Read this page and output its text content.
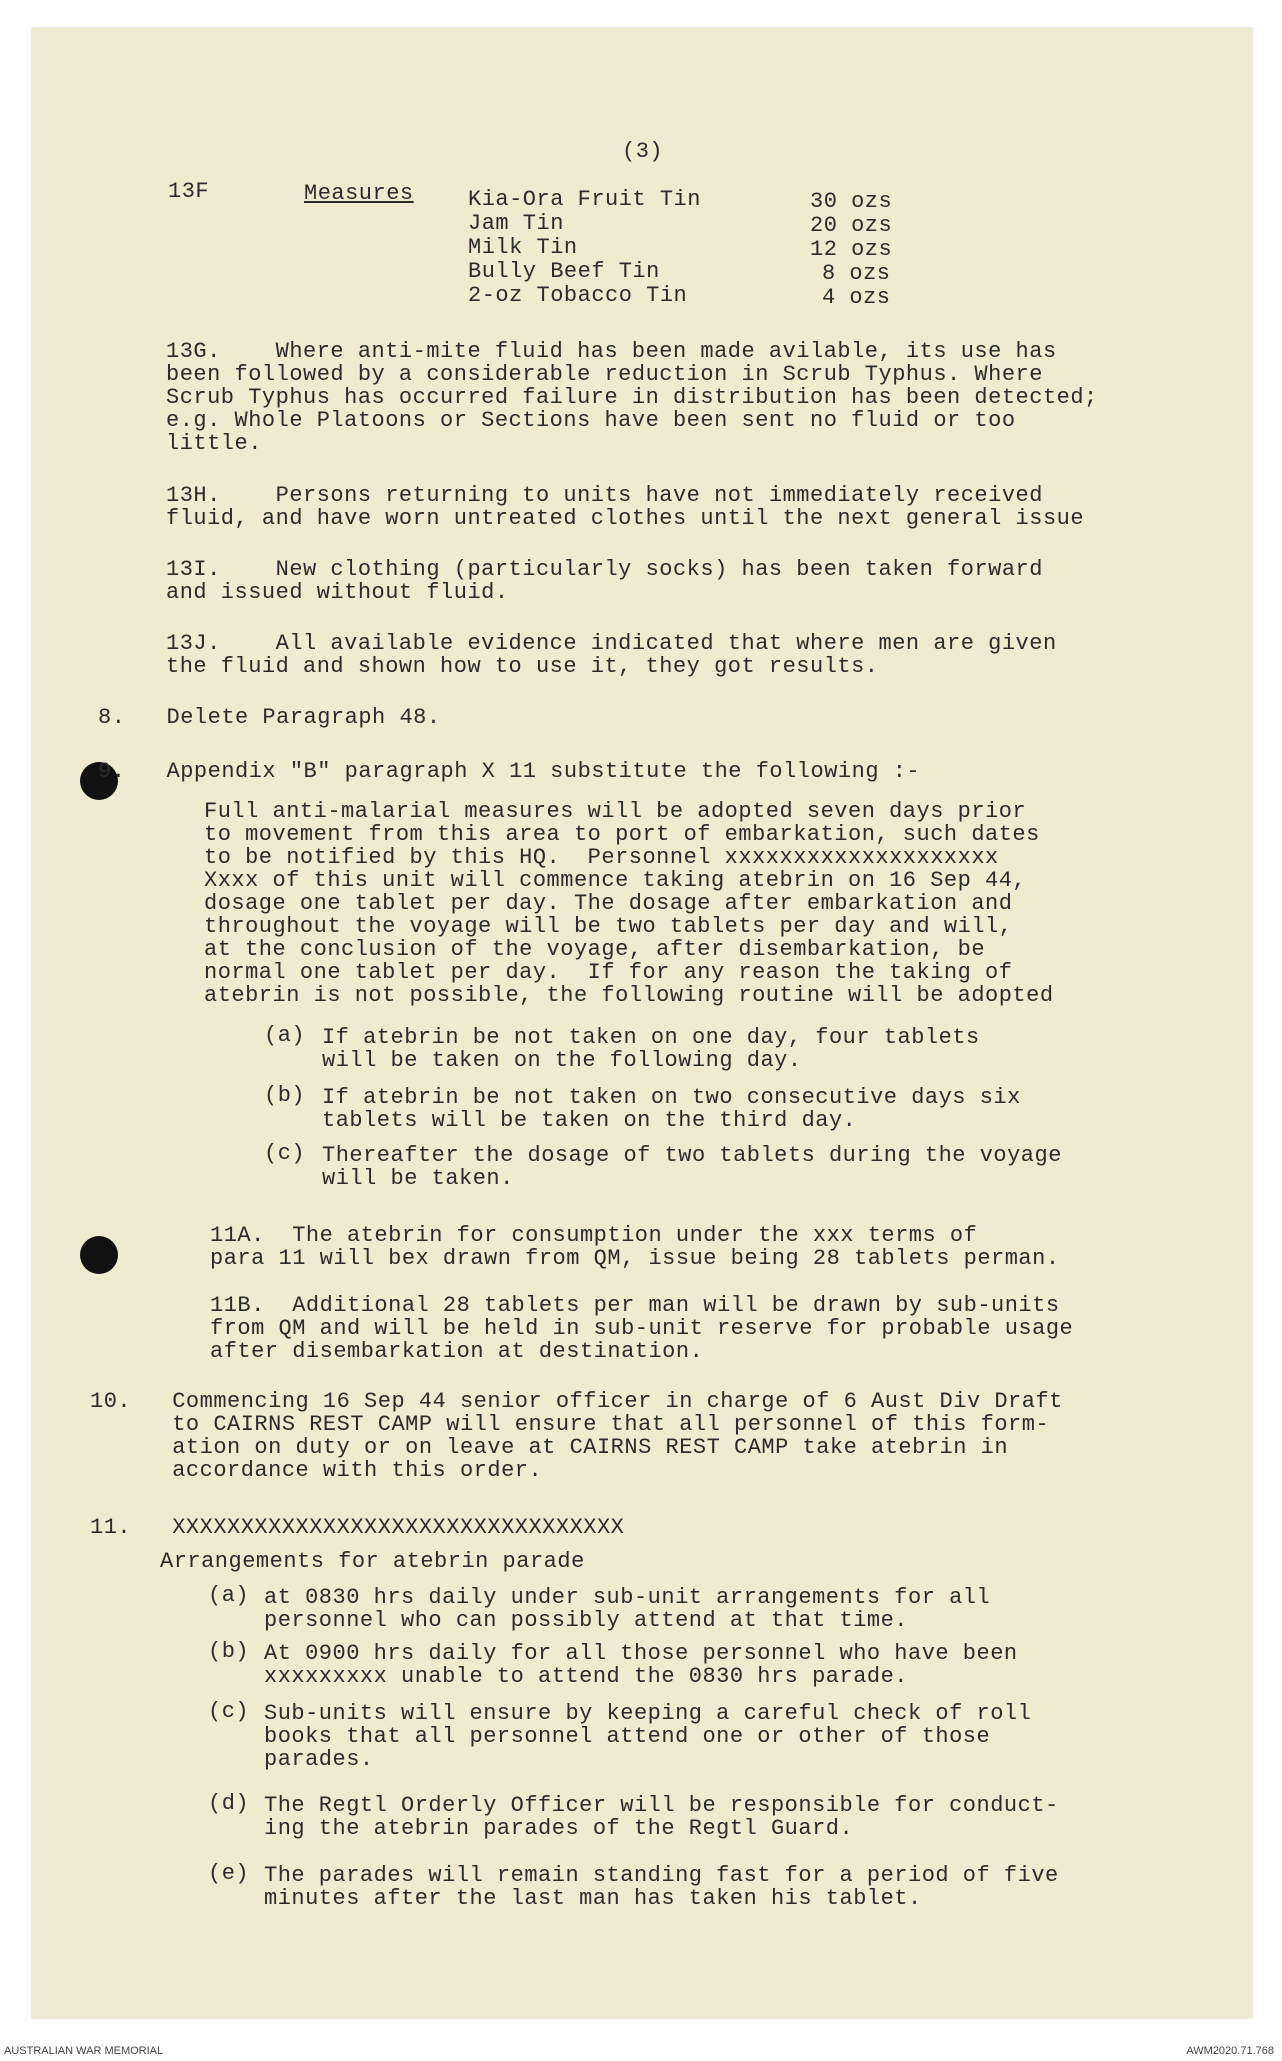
(3)
13F	Measures Kia-Ora Fruit Tin	30 ozs
Jam Tin	20 ozs
Milk Tin	12 ozs
Bully Beef Tin	8 ozs
2-oz Tobacco Tin	4 ozs
13G.    Where anti-mite fluid has been made avilable, its use has
been followed by a considerable reduction in Scrub Typhus. Where
Scrub Typhus has occurred failure in distribution has been detected;
e.g. Whole Platoons or Sections have been sent no fluid or too
little.
13H.    Persons returning to units have not immediately received
fluid, and have worn untreated clothes until the next general issue
13I.    New clothing (particularly socks) has been taken forward
and issued without fluid.
13J.    All available evidence indicated that where men are given
the fluid and shown how to use it, they got results.
8.   Delete Paragraph 48.
9.   Appendix "B" paragraph X 11 substitute the following :-
Full anti-malarial measures will be adopted seven days prior
to movement from this area to port of embarkation, such dates
to be notified by this HQ.  Personnel xxxxxxxxxxxxxxxxxxxx
Xxxx of this unit will commence taking atebrin on 16 Sep 44,
dosage one tablet per day. The dosage after embarkation and
throughout the voyage will be two tablets per day and will,
at the conclusion of the voyage, after disembarkation, be
normal one tablet per day.  If for any reason the taking of
atebrin is not possible, the following routine will be adopted
(a) If atebrin be not taken on one day, four tablets
will be taken on the following day.
(b) If atebrin be not taken on two consecutive days six
tablets will be taken on the third day.
(c) Thereafter the dosage of two tablets during the voyage
will be taken.
11A.  The atebrin for consumption under the xxx terms of
para 11 will bex drawn from QM, issue being 28 tablets perman.
11B.  Additional 28 tablets per man will be drawn by sub-units
from QM and will be held in sub-unit reserve for probable usage
after disembarkation at destination.
10.   Commencing 16 Sep 44 senior officer in charge of 6 Aust Div Draft
to CAIRNS REST CAMP will ensure that all personnel of this form-
ation on duty or on leave at CAIRNS REST CAMP take atebrin in
accordance with this order.
11.   XXXXXXXXXXXXXXXXXXXXXXXXXXXXXXXXX
Arrangements for atebrin parade
(a) at 0830 hrs daily under sub-unit arrangements for all
personnel who can possibly attend at that time.
(b) At 0900 hrs daily for all those personnel who have been
xxxxxxxxx unable to attend the 0830 hrs parade.
(c) Sub-units will ensure by keeping a careful check of roll
books that all personnel attend one or other of those
parades.
(d) The Regtl Orderly Officer will be responsible for conduct-
ing the atebrin parades of the Regtl Guard.
(e) The parades will remain standing fast for a period of five
minutes after the last man has taken his tablet.
AUSTRALIAN WAR MEMORIAL	AWM2020.71.768
